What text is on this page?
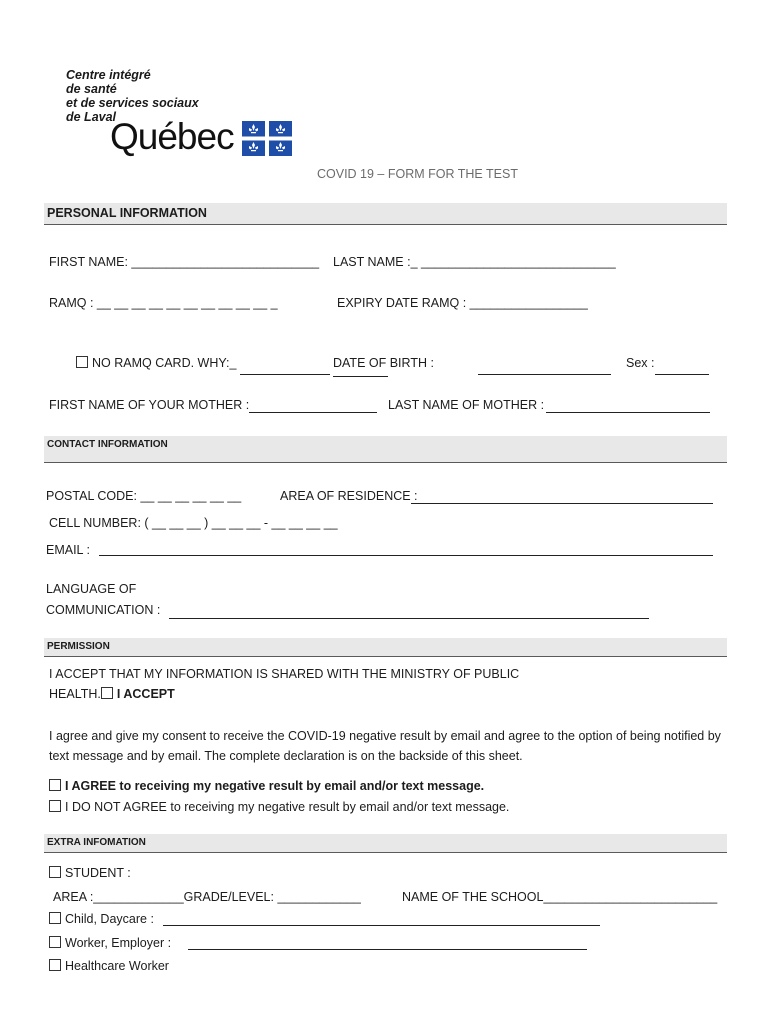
Centre intégré
de santé
et de services sociaux
de Laval
Québec
COVID 19 – FORM FOR THE TEST
PERSONAL INFORMATION
FIRST NAME: ___________________________ LAST NAME :_ ____________________________
RAMQ : __ __ __ __ __ __ __ __ __ __ _	EXPIRY DATE RAMQ : _________________
NO RAMQ CARD. WHY:_	DATE OF BIRTH :	Sex :
FIRST NAME OF YOUR MOTHER :	LAST NAME OF MOTHER :
CONTACT INFORMATION
POSTAL CODE: __ __ __ __ __ __	AREA OF RESIDENCE :
CELL NUMBER: ( __ __ __ ) __ __ __ - __ __ __ __
EMAIL :
LANGUAGE OF
COMMUNICATION :
PERMISSION
I ACCEPT THAT MY INFORMATION IS SHARED WITH THE MINISTRY OF PUBLIC
HEALTH. I ACCEPT
I agree and give my consent to receive the COVID-19 negative result by email and agree to the option of being notified by text message and by email. The complete declaration is on the backside of this sheet.
I AGREE to receiving my negative result by email and/or text message.
I DO NOT AGREE to receiving my negative result by email and/or text message.
EXTRA INFOMATION
STUDENT :
AREA :_____________GRADE/LEVEL: ____________	NAME OF THE SCHOOL_________________________
Child, Daycare :
Worker, Employer :
Healthcare Worker
